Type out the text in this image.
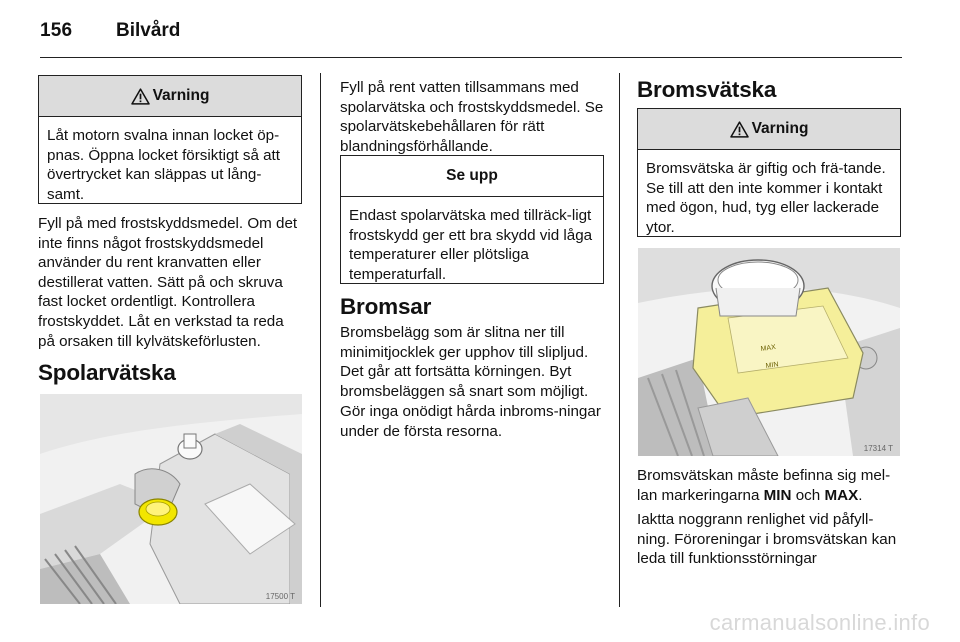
156 Bilvård
Varning
Låt motorn svalna innan locket öp-pnas. Öppna locket försiktigt så att övertrycket kan släppas ut lång-samt.

Fyll på med frostskyddsmedel. Om det inte finns något frostskyddsmedel använder du rent kranvatten eller destillerat vatten. Sätt på och skruva fast locket ordentligt. Kontrollera frostskyddet. Låt en verkstad ta reda på orsaken till kylvätskeförlusten.

Spolarvätska
17500 T

Fyll på rent vatten tillsammans med spolarvätska och frostskyddsmedel. Se spolarvätskebehållaren för rätt blandningsförhållande.

Se upp
Endast spolarvätska med tillräck-ligt frostskydd ger ett bra skydd vid låga temperaturer eller plötsliga temperaturfall.
Bromsar

Bromsbelägg som är slitna ner till minimitjocklek ger upphov till slipljud. Det går att fortsätta körningen. Byt bromsbeläggen så snart som möjligt.

Gör inga onödigt hårda inbroms-ningar under de första resorna.

Bromsvätska
Varning
Bromsvätska är giftig och frä-tande. Se till att den inte kommer i kontakt med ögon, hud, tyg eller lackerade ytor.
MAX
MIN
17314 T

Bromsvätskan måste befinna sig mel-lan markeringarna MIN och MAX.

Iaktta noggrann renlighet vid påfyll-ning. Föroreningar i bromsvätskan kan leda till funktionsstörningar

carmanualsonline.info
